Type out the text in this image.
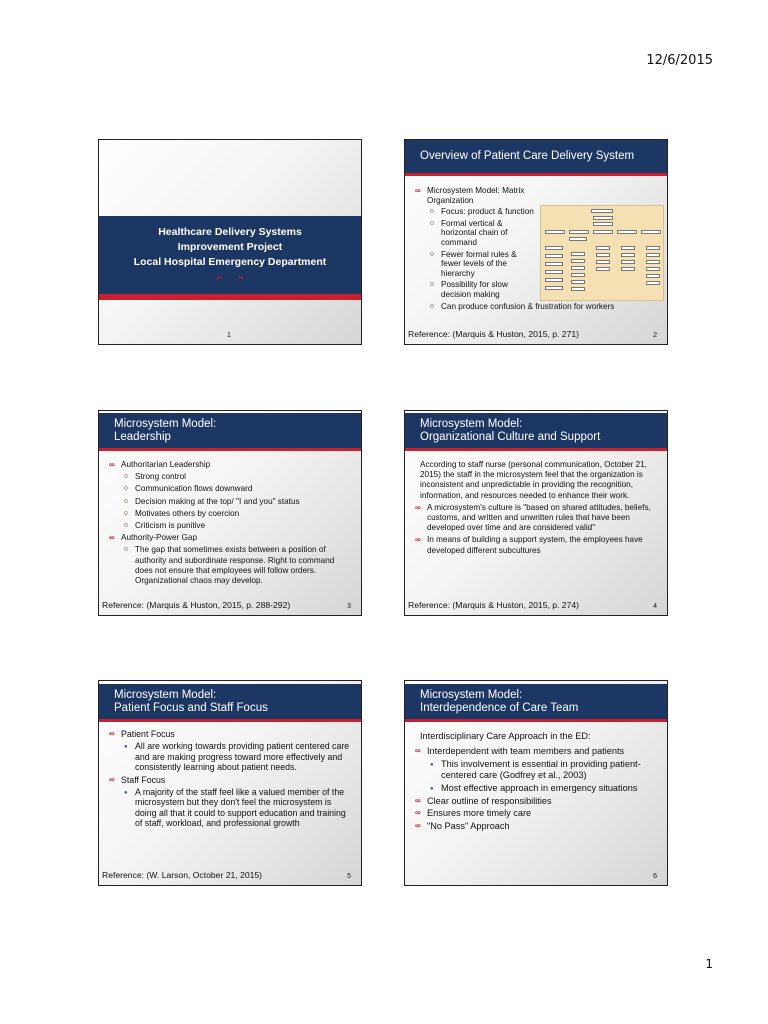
12/6/2015
Healthcare Delivery Systems
Improvement Project
Local Hospital Emergency Department
∞       ∞
1
Overview of Patient Care Delivery System
∞ Microsystem Model: Matrix Organization
o Focus: product & function
o Formal vertical & horizontal chain of command
o Fewer formal rules & fewer levels of the hierarchy
o Possibility for slow decision making
o Can produce confusion & frustration for workers
Reference: (Marquis & Huston, 2015, p. 271)	2
Microsystem Model:
Leadership
∞ Authoritarian Leadership
o Strong control
o Communication flows downward
o Decision making at the top/ "I and you" status
o Motivates others by coercion
o Criticism is punitive
∞ Authority-Power Gap
o The gap that sometimes exists between a position of authority and subordinate response. Right to command does not ensure that employees will follow orders. Organizational chaos may develop.
Reference: (Marquis & Huston, 2015, p. 288-292)	3
Microsystem Model:
Organizational Culture and Support
According to staff nurse (personal communication, October 21, 2015) the staff in the microsystem feel that the organization is inconsistent and unpredictable in providing the recognition, information, and resources needed to enhance their work.
∞ A microsystem's culture is "based on shared attitudes, beliefs, customs, and written and unwritten rules that have been developed over time and are considered valid"
∞ In means of building a support system, the employees have developed different subcultures
Reference: (Marquis & Huston, 2015, p. 274)	4
Microsystem Model:
Patient Focus and Staff Focus
∞ Patient Focus
● All are working towards providing patient centered care and are making progress toward more effectively and consistently learning about patient needs.
∞ Staff Focus
● A majority of the staff feel like a valued member of the microsystem but they don't feel the microsystem is doing all that it could to support education and training of staff, workload, and professional growth
Reference: (W. Larson, October 21, 2015)	5
Microsystem Model:
Interdependence of Care Team
Interdisciplinary Care Approach in the ED:
∞ Interdependent with team members and patients
● This involvement is essential in providing patient-centered care (Godfrey et al., 2003)
● Most effective approach in emergency situations
∞ Clear outline of responsibilities
∞ Ensures more timely care
∞ "No Pass" Approach
6
1
